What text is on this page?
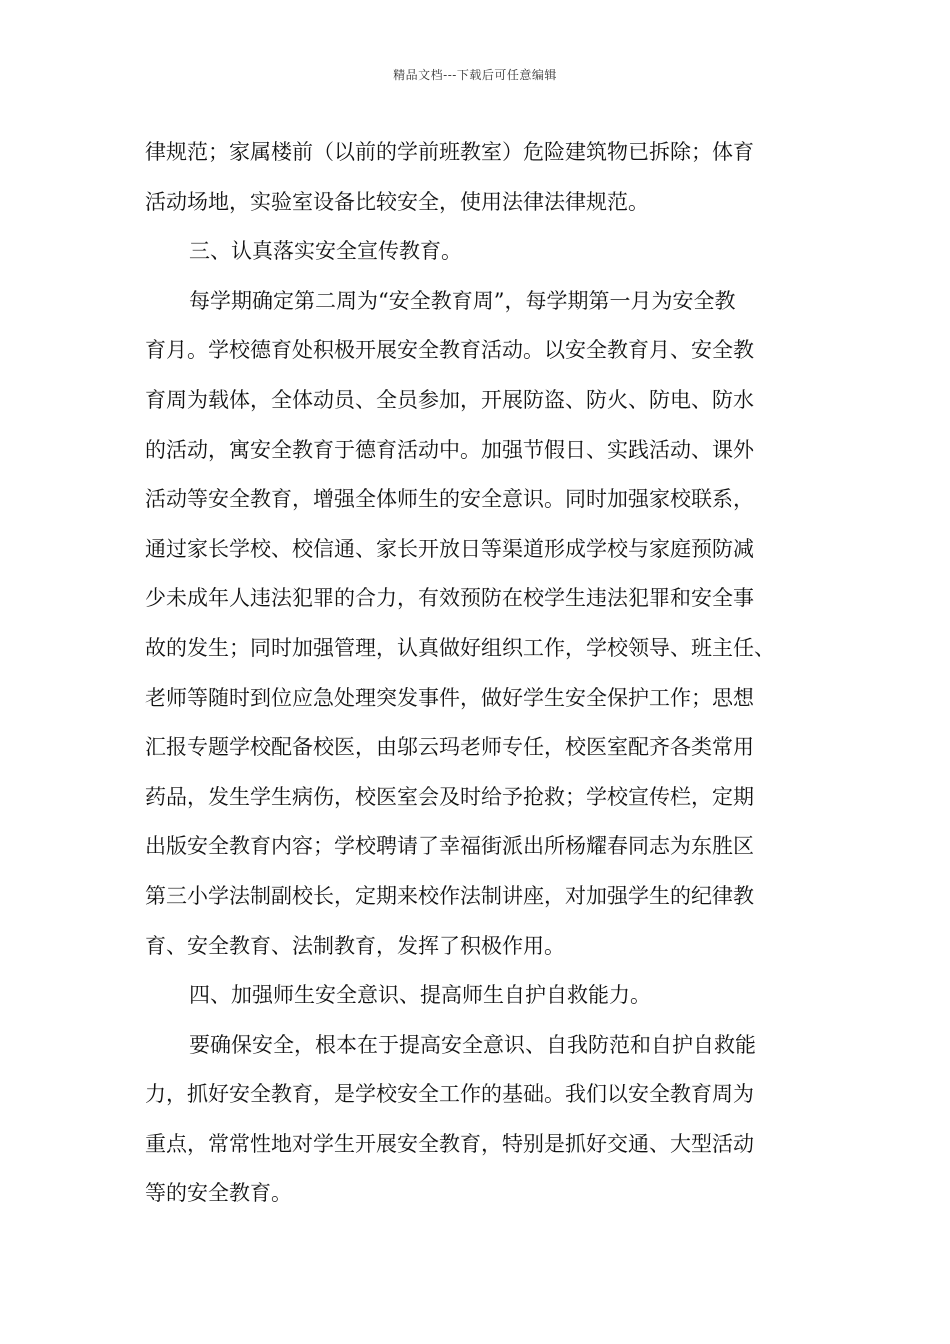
精品文档---下载后可任意编辑
律规范；家属楼前（以前的学前班教室）危险建筑物已拆除；体育
活动场地，实验室设备比较安全，使用法律法律规范。
三、认真落实安全宣传教育。
每学期确定第二周为“安全教育周”，每学期第一月为安全教
育月。学校德育处积极开展安全教育活动。以安全教育月、安全教
育周为载体，全体动员、全员参加，开展防盗、防火、防电、防水
的活动，寓安全教育于德育活动中。加强节假日、实践活动、课外
活动等安全教育，增强全体师生的安全意识。同时加强家校联系，
通过家长学校、校信通、家长开放日等渠道形成学校与家庭预防减
少未成年人违法犯罪的合力，有效预防在校学生违法犯罪和安全事
故的发生；同时加强管理，认真做好组织工作，学校领导、班主任、
老师等随时到位应急处理突发事件，做好学生安全保护工作；思想
汇报专题学校配备校医，由邬云玛老师专任，校医室配齐各类常用
药品，发生学生病伤，校医室会及时给予抢救；学校宣传栏，定期
出版安全教育内容；学校聘请了幸福街派出所杨耀春同志为东胜区
第三小学法制副校长，定期来校作法制讲座，对加强学生的纪律教
育、安全教育、法制教育，发挥了积极作用。
四、加强师生安全意识、提高师生自护自救能力。
要确保安全，根本在于提高安全意识、自我防范和自护自救能
力，抓好安全教育，是学校安全工作的基础。我们以安全教育周为
重点，常常性地对学生开展安全教育，特别是抓好交通、大型活动
等的安全教育。
